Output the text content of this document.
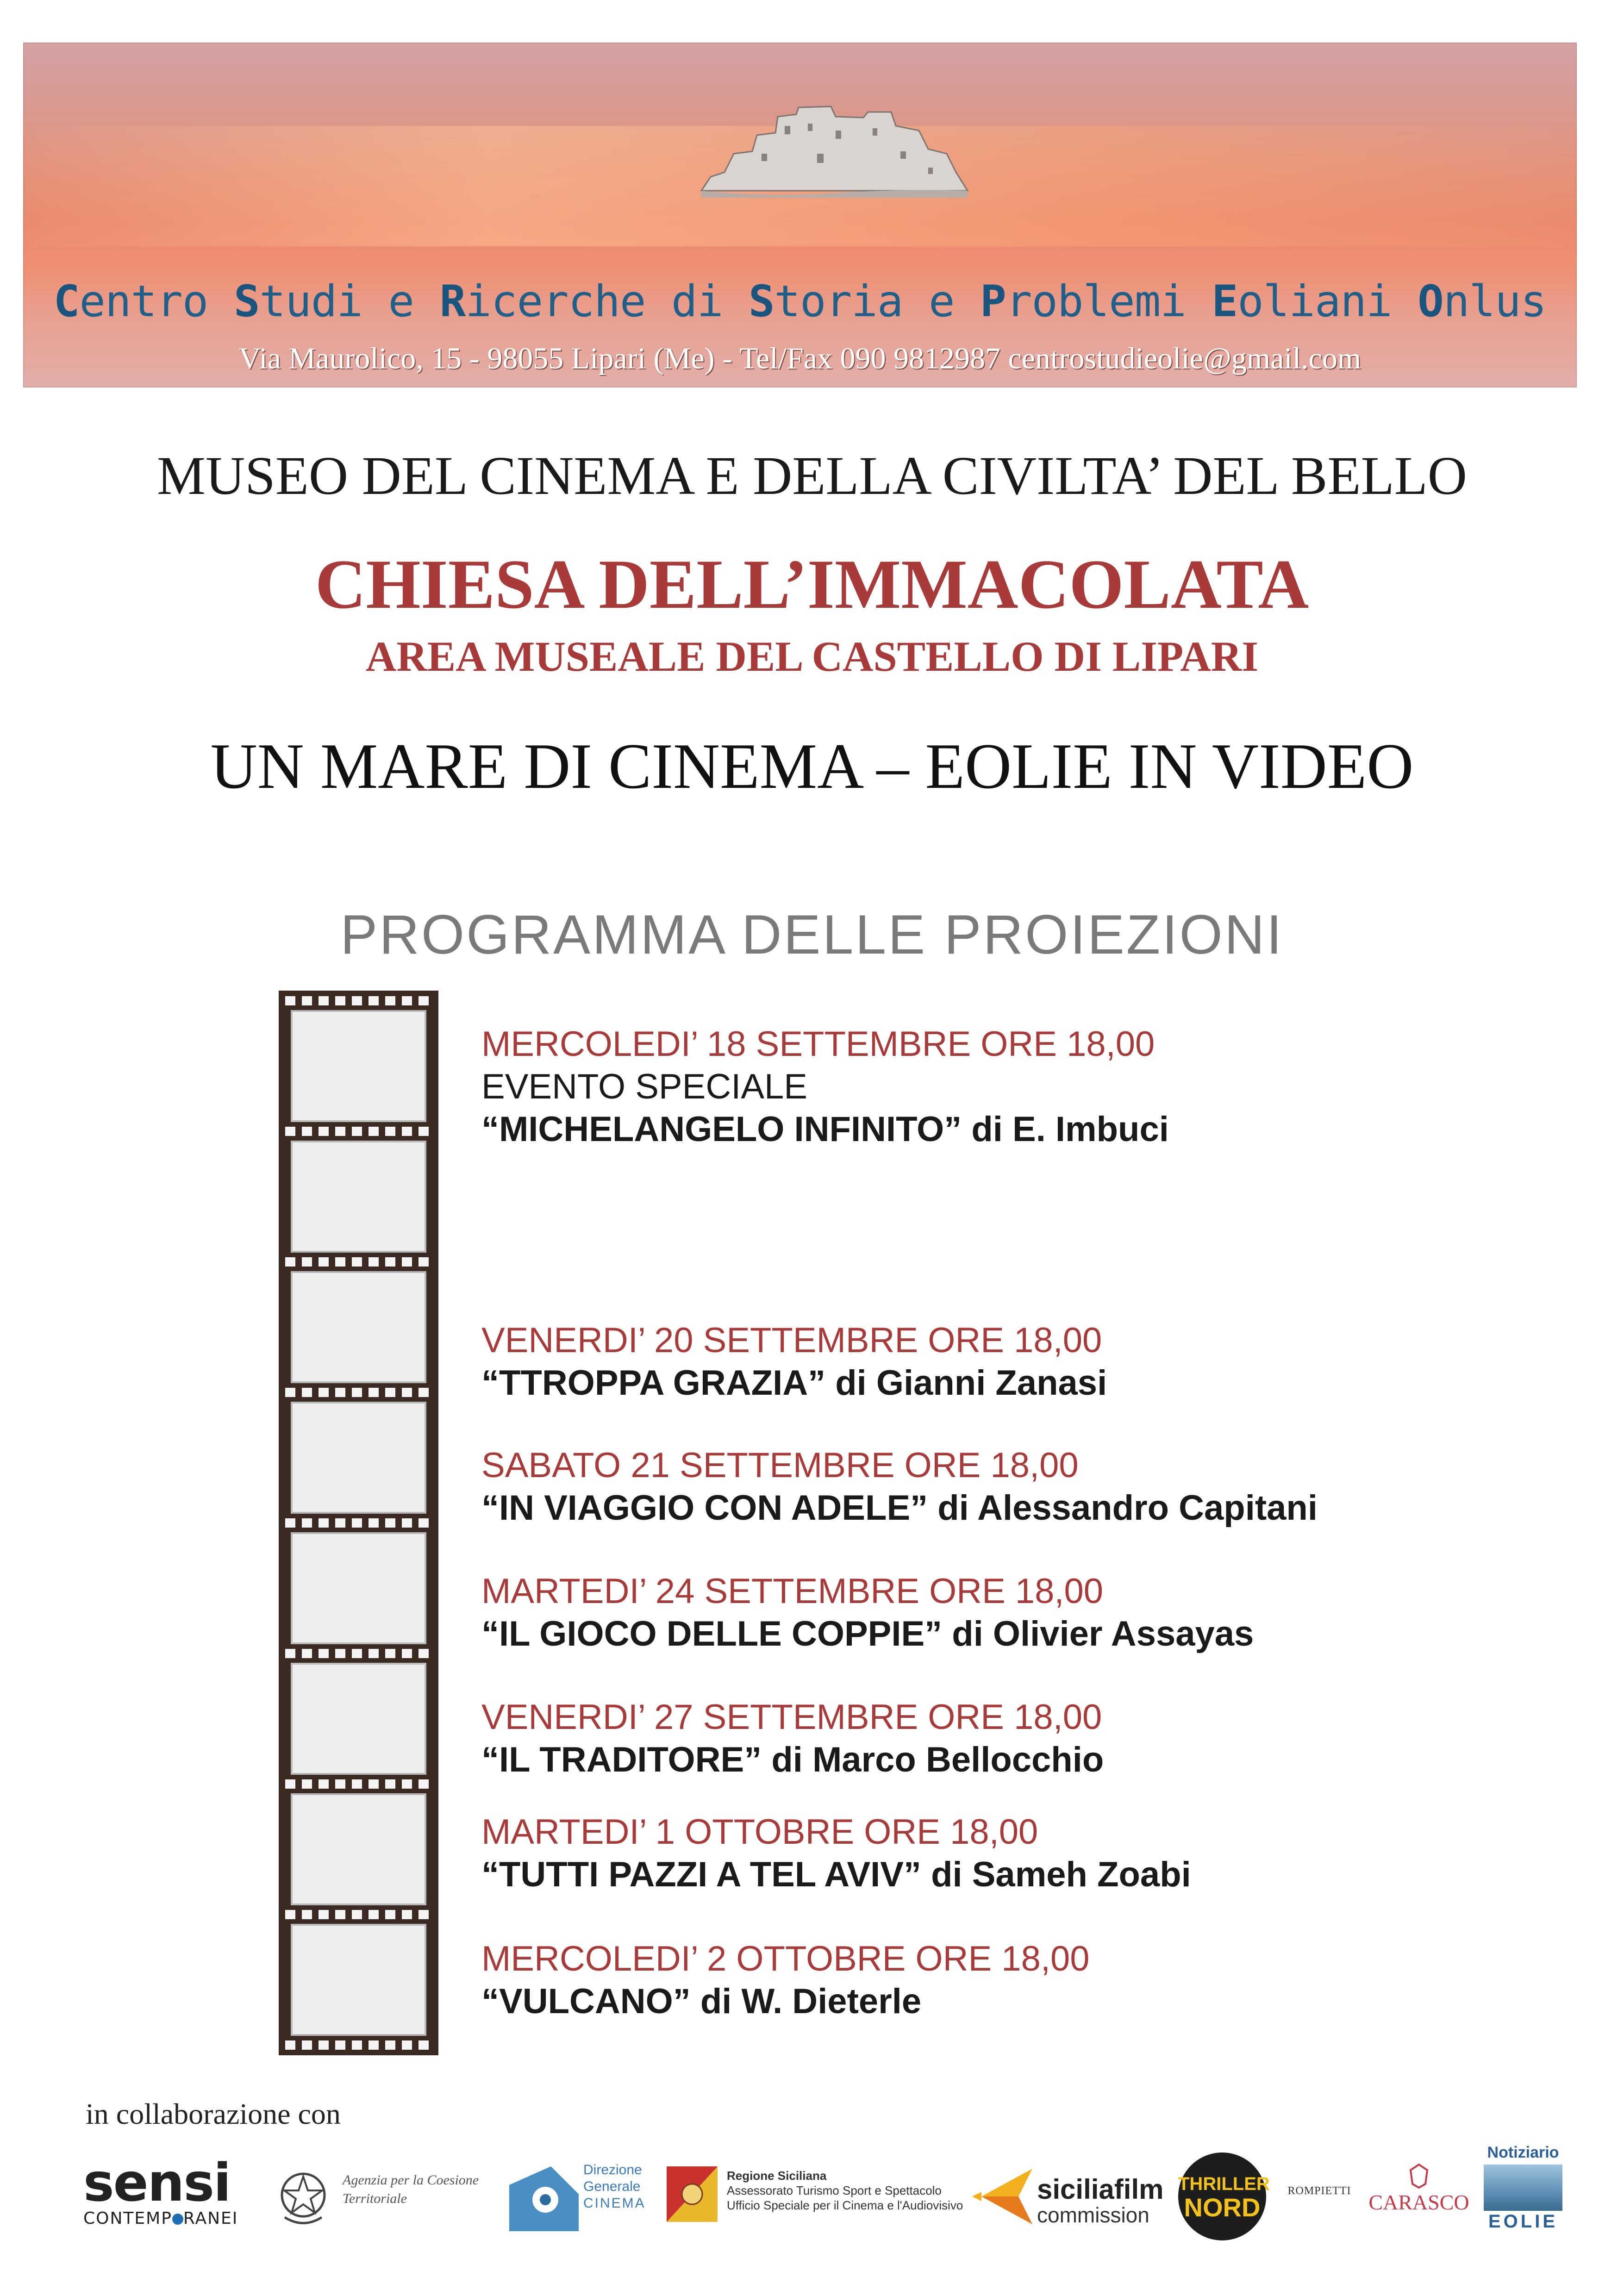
Centro Studi e Ricerche di Storia e Problemi Eoliani Onlus
Via Maurolico, 15 - 98055 Lipari (Me) - Tel/Fax 090 9812987 centrostudieolie@gmail.com
MUSEO DEL CINEMA E DELLA CIVILTA’ DEL BELLO
CHIESA DELL’IMMACOLATA
AREA MUSEALE DEL CASTELLO DI LIPARI
UN MARE DI CINEMA – EOLIE IN VIDEO
PROGRAMMA DELLE PROIEZIONI
MERCOLEDI’ 18 SETTEMBRE ORE 18,00
EVENTO SPECIALE
“MICHELANGELO INFINITO” di E. Imbuci
VENERDI’ 20 SETTEMBRE ORE 18,00
“TTROPPA GRAZIA” di Gianni Zanasi
SABATO 21 SETTEMBRE ORE 18,00
“IN VIAGGIO CON ADELE” di Alessandro Capitani
MARTEDI’ 24 SETTEMBRE ORE 18,00
“IL GIOCO DELLE COPPIE” di Olivier Assayas
VENERDI’ 27 SETTEMBRE ORE 18,00
“IL TRADITORE” di Marco Bellocchio
MARTEDI’ 1 OTTOBRE ORE 18,00
“TUTTI PAZZI A TEL AVIV” di Sameh Zoabi
MERCOLEDI’ 2 OTTOBRE ORE 18,00
“VULCANO” di W. Dieterle
in collaborazione con
sensi
CONTEMP RANEI
Agenzia per la Coesione Territoriale
Direzione
Generale
CINEMA
Regione Siciliana
Assessorato Turismo Sport e Spettacolo
Ufficio Speciale per il Cinema e l'Audiovisivo
siciliafilm
commission
THRILLER
NORD
ROMPIETTI CARASCO
Notiziario
EOLIE
